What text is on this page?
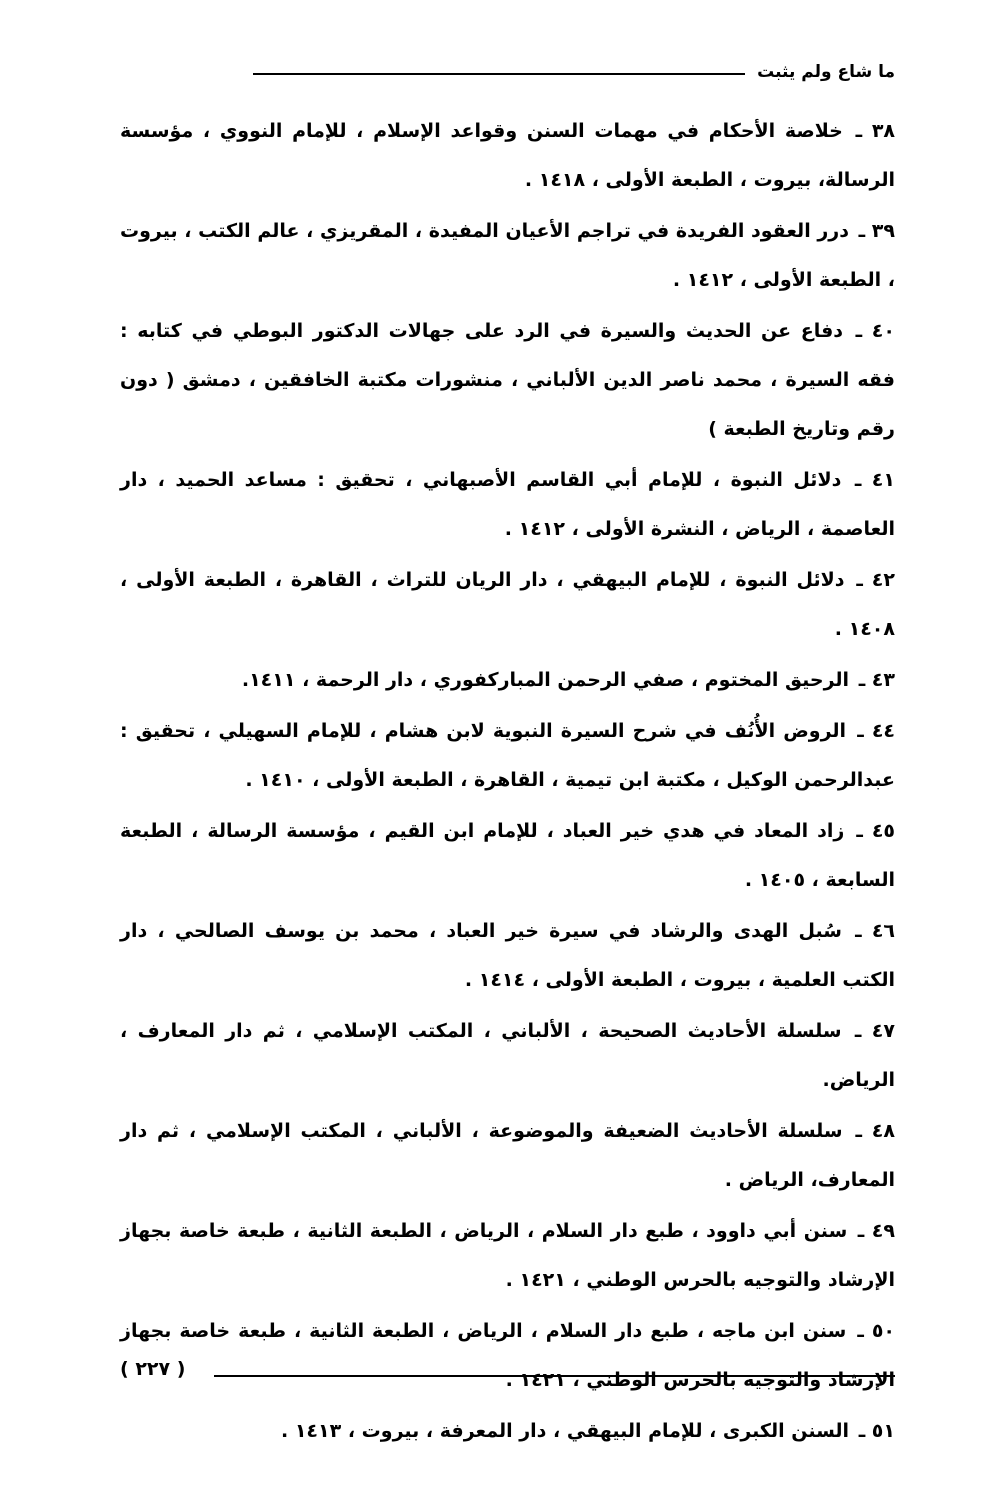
ما شاع ولم يثبت
٣٨ ـ خلاصة الأحكام في مهمات السنن وقواعد الإسلام ، للإمام النووي ، مؤسسة الرسالة، بيروت ، الطبعة الأولى ، ١٤١٨ .
٣٩ ـ درر العقود الفريدة في تراجم الأعيان المفيدة ، المقريزي ، عالم الكتب ، بيروت ، الطبعة الأولى ، ١٤١٢ .
٤٠ ـ دفاع عن الحديث والسيرة في الرد على جهالات الدكتور البوطي في كتابه : فقه السيرة ، محمد ناصر الدين الألباني ، منشورات مكتبة الخافقين ، دمشق ( دون رقم وتاريخ الطبعة )
٤١ ـ دلائل النبوة ، للإمام أبي القاسم الأصبهاني ، تحقيق : مساعد الحميد ، دار العاصمة ، الرياض ، النشرة الأولى ، ١٤١٢ .
٤٢ ـ دلائل النبوة ، للإمام البيهقي ، دار الريان للتراث ، القاهرة ، الطبعة الأولى ، ١٤٠٨ .
٤٣ ـ الرحيق المختوم ، صفي الرحمن المباركفوري ، دار الرحمة ، ١٤١١.
٤٤ ـ الروض الأُنُف في شرح السيرة النبوية لابن هشام ، للإمام السهيلي ، تحقيق : عبدالرحمن الوكيل ، مكتبة ابن تيمية ، القاهرة ، الطبعة الأولى ، ١٤١٠ .
٤٥ ـ زاد المعاد في هدي خير العباد ، للإمام ابن القيم ، مؤسسة الرسالة ، الطبعة السابعة ، ١٤٠٥ .
٤٦ ـ سُبل الهدى والرشاد في سيرة خير العباد ، محمد بن يوسف الصالحي ، دار الكتب العلمية ، بيروت ، الطبعة الأولى ، ١٤١٤ .
٤٧ ـ سلسلة الأحاديث الصحيحة ، الألباني ، المكتب الإسلامي ، ثم دار المعارف ، الرياض.
٤٨ ـ سلسلة الأحاديث الضعيفة والموضوعة ، الألباني ، المكتب الإسلامي ، ثم دار المعارف، الرياض .
٤٩ ـ سنن أبي داوود ، طبع دار السلام ، الرياض ، الطبعة الثانية ، طبعة خاصة بجهاز الإرشاد والتوجيه بالحرس الوطني ، ١٤٢١ .
٥٠ ـ سنن ابن ماجه ، طبع دار السلام ، الرياض ، الطبعة الثانية ، طبعة خاصة بجهاز الإرشاد والتوجيه بالحرس الوطني ، ١٤٢١ .
٥١ ـ السنن الكبرى ، للإمام البيهقي ، دار المعرفة ، بيروت ، ١٤١٣ .
( ٢٢٧ )
